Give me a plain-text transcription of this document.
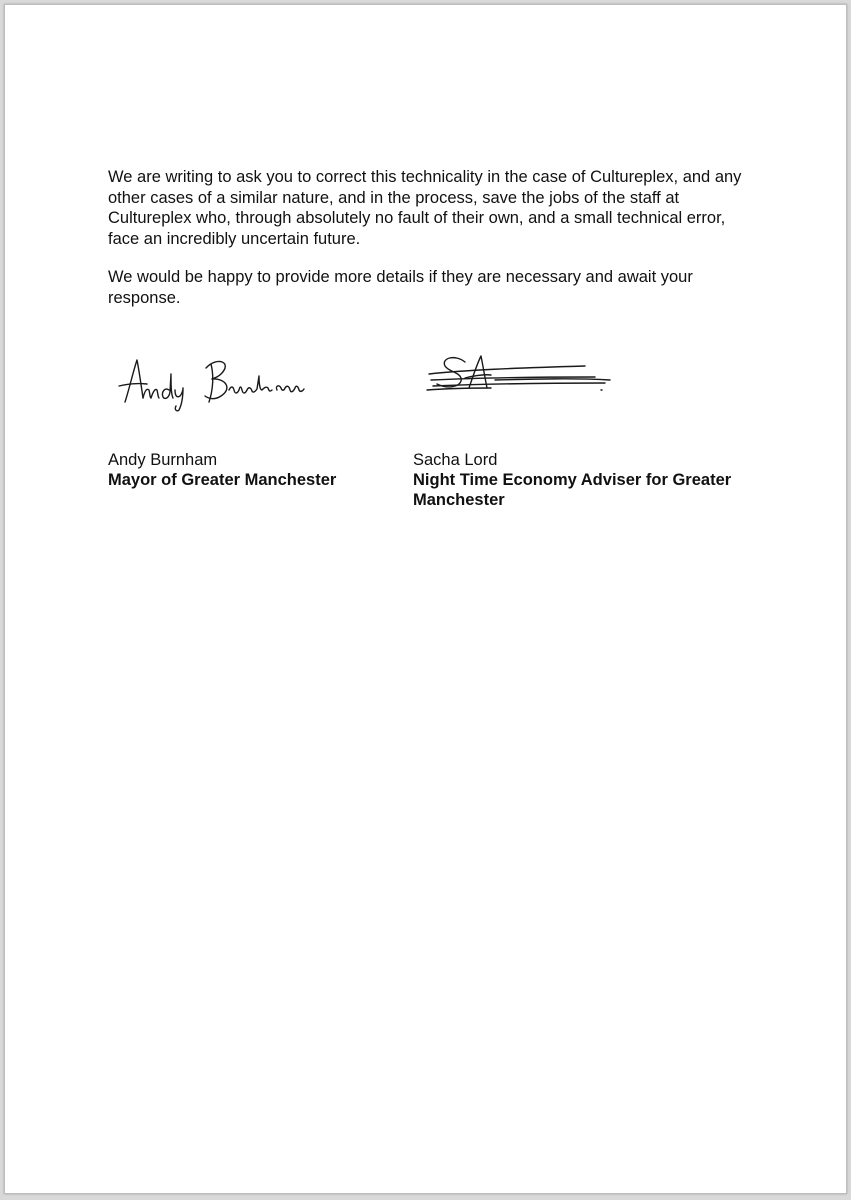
We are writing to ask you to correct this technicality in the case of Cultureplex, and any other cases of a similar nature, and in the process, save the jobs of the staff at Cultureplex who, through absolutely no fault of their own, and a small technical error, face an incredibly uncertain future.

We would be happy to provide more details if they are necessary and await your response.

Andy Burnham
Mayor of Greater Manchester
Sacha Lord
Night Time Economy Adviser for Greater Manchester
